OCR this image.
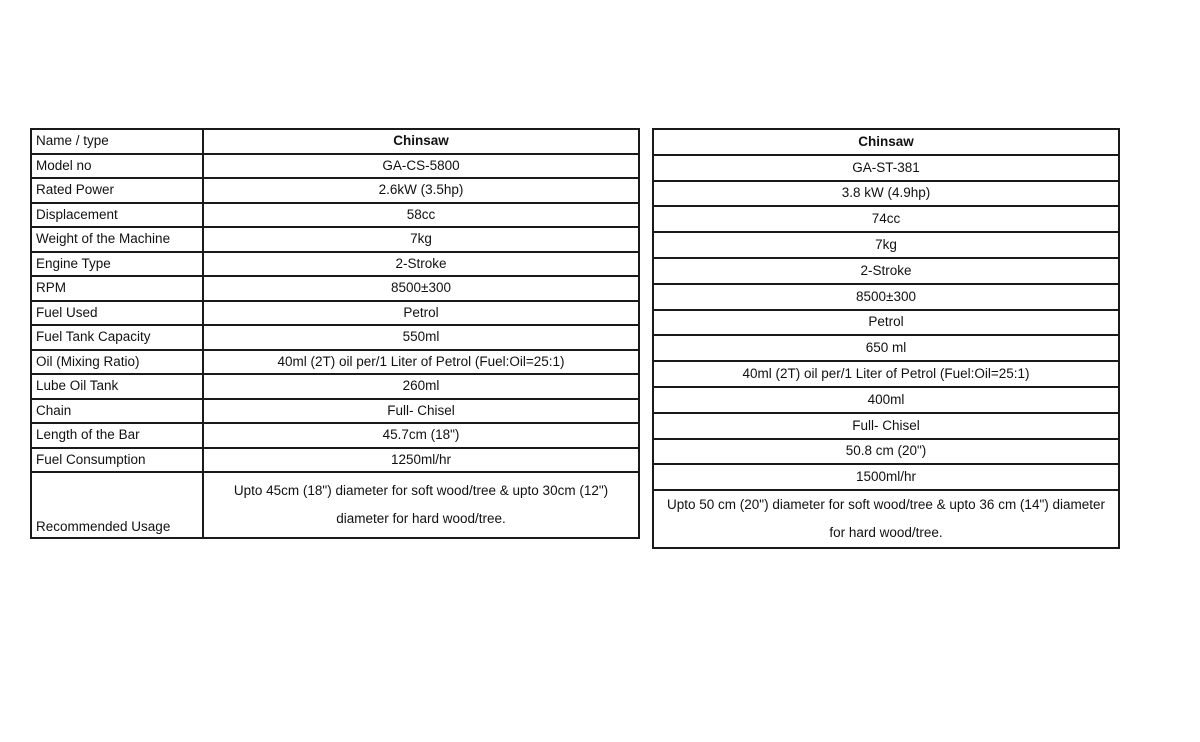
Name / type	Chinsaw
Model no	GA-CS-5800
Rated Power	2.6kW (3.5hp)
Displacement	58cc
Weight of the Machine	7kg
Engine Type	2-Stroke
RPM	8500±300
Fuel Used	Petrol
Fuel Tank Capacity	550ml
Oil (Mixing Ratio)	40ml (2T) oil per/1 Liter of Petrol (Fuel:Oil=25:1)
Lube Oil Tank	260ml
Chain	Full- Chisel
Length of the Bar	45.7cm (18")
Fuel Consumption	1250ml/hr
Recommended Usage	Upto 45cm (18") diameter for soft wood/tree & upto 30cm (12") diameter for hard wood/tree.
Chinsaw
GA-ST-381
3.8 kW (4.9hp)
74cc
7kg
2-Stroke
8500±300
Petrol
650 ml
40ml (2T) oil per/1 Liter of Petrol (Fuel:Oil=25:1)
400ml
Full- Chisel
50.8 cm (20")
1500ml/hr
Upto 50 cm (20") diameter for soft wood/tree & upto 36 cm (14") diameter for hard wood/tree.
